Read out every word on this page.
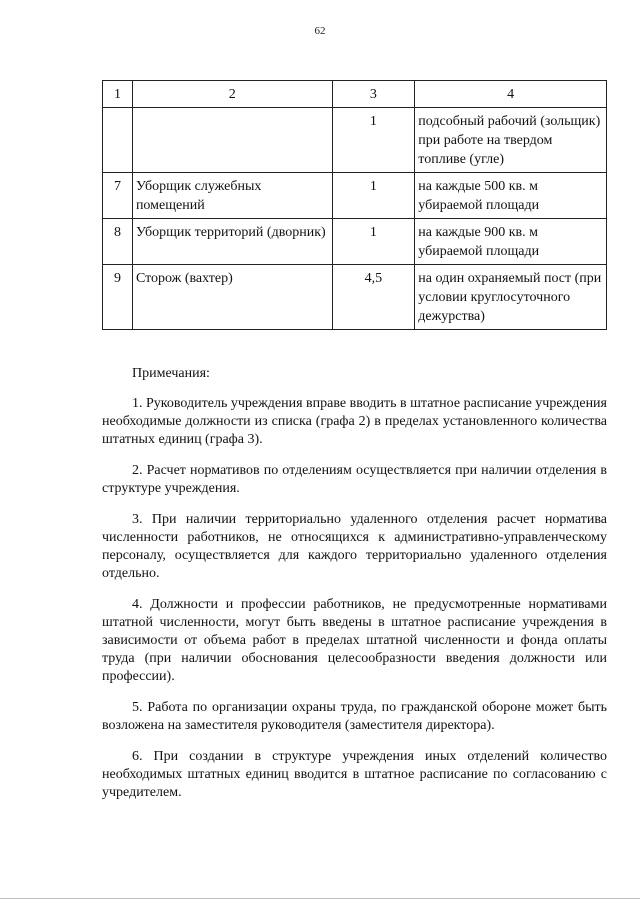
62
1	2	3	4
		1	подсобный рабочий (зольщик) при работе на твердом топливе (угле)
7	Уборщик служебных помещений	1	на каждые 500 кв. м убираемой площади
8	Уборщик территорий (дворник)	1	на каждые 900 кв. м убираемой площади
9	Сторож (вахтер)	4,5	на один охраняемый пост (при условии круглосуточного дежурства)

Примечания:

1. Руководитель учреждения вправе вводить в штатное расписание учреждения необходимые должности из списка (графа 2) в пределах установленного количества штатных единиц (графа 3).

2. Расчет нормативов по отделениям осуществляется при наличии отделения в структуре учреждения.

3. При наличии территориально удаленного отделения расчет норматива численности работников, не относящихся к административно-управленческому персоналу, осуществляется для каждого территориально удаленного отделения отдельно.

4. Должности и профессии работников, не предусмотренные нормативами штатной численности, могут быть введены в штатное расписание учреждения в зависимости от объема работ в пределах штатной численности и фонда оплаты труда (при наличии обоснования целесообразности введения должности или профессии).

5. Работа по организации охраны труда, по гражданской обороне может быть возложена на заместителя руководителя (заместителя директора).

6. При создании в структуре учреждения иных отделений количество необходимых штатных единиц вводится в штатное расписание по согласованию с учредителем.
